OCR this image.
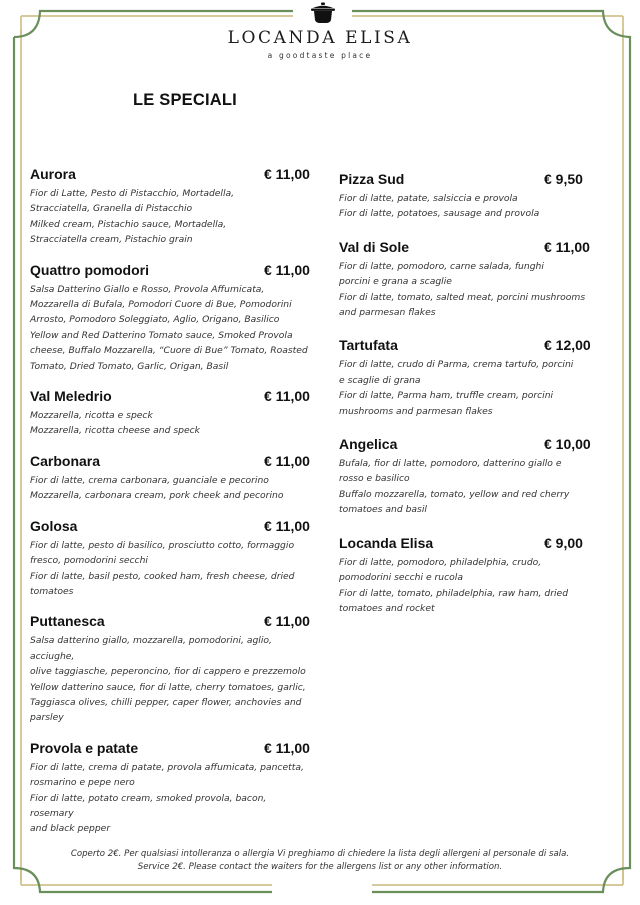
LOCANDA ELISA
a goodtaste place
LE SPECIALI
Aurora	€ 11,00
Fior di Latte, Pesto di Pistacchio, Mortadella,
Stracciatella, Granella di Pistacchio
Milked cream, Pistachio sauce, Mortadella,
Stracciatella cream, Pistachio grain
Quattro pomodori	€ 11,00
Salsa Datterino Giallo e Rosso, Provola Affumicata,
Mozzarella di Bufala, Pomodori Cuore di Bue, Pomodorini
Arrosto, Pomodoro Soleggiato, Aglio, Origano, Basilico
Yellow and Red Datterino Tomato sauce, Smoked Provola
cheese, Buffalo Mozzarella, “Cuore di Bue” Tomato, Roasted
Tomato, Dried Tomato, Garlic, Origan, Basil
Val Meledrio	€ 11,00
Mozzarella, ricotta e speck
Mozzarella, ricotta cheese and speck
Carbonara	€ 11,00
Fior di latte, crema carbonara, guanciale e pecorino
Mozzarella, carbonara cream, pork cheek and pecorino
Golosa	€ 11,00
Fior di latte, pesto di basilico, prosciutto cotto, formaggio
fresco, pomodorini secchi
Fior di latte, basil pesto, cooked ham, fresh cheese, dried
tomatoes
Puttanesca	€ 11,00
Salsa datterino giallo, mozzarella, pomodorini, aglio, acciughe,
olive taggiasche, peperoncino, fior di cappero e prezzemolo
Yellow datterino sauce, fior di latte, cherry tomatoes, garlic,
Taggiasca olives, chilli pepper, caper flower, anchovies and
parsley
Provola e patate	€ 11,00
Fior di latte, crema di patate, provola affumicata, pancetta,
rosmarino e pepe nero
Fior di latte, potato cream, smoked provola, bacon, rosemary
and black pepper
Pizza Sud	€ 9,50
Fior di latte, patate, salsiccia e provola
Fior di latte, potatoes, sausage and provola
Val di Sole	€ 11,00
Fior di latte, pomodoro, carne salada, funghi
porcini e grana a scaglie
Fior di latte, tomato, salted meat, porcini mushrooms
and parmesan flakes
Tartufata	€ 12,00
Fior di latte, crudo di Parma, crema tartufo, porcini
e scaglie di grana
Fior di latte, Parma ham, truffle cream, porcini
mushrooms and parmesan flakes
Angelica	€ 10,00
Bufala, fior di latte, pomodoro, datterino giallo e
rosso e basilico
Buffalo mozzarella, tomato, yellow and red cherry
tomatoes and basil
Locanda Elisa	€ 9,00
Fior di latte, pomodoro, philadelphia, crudo,
pomodorini secchi e rucola
Fior di latte, tomato, philadelphia, raw ham, dried
tomatoes and rocket
Coperto 2€. Per qualsiasi intolleranza o allergia Vi preghiamo di chiedere la lista degli allergeni al personale di sala.
Service 2€. Please contact the waiters for the allergens list or any other information.
